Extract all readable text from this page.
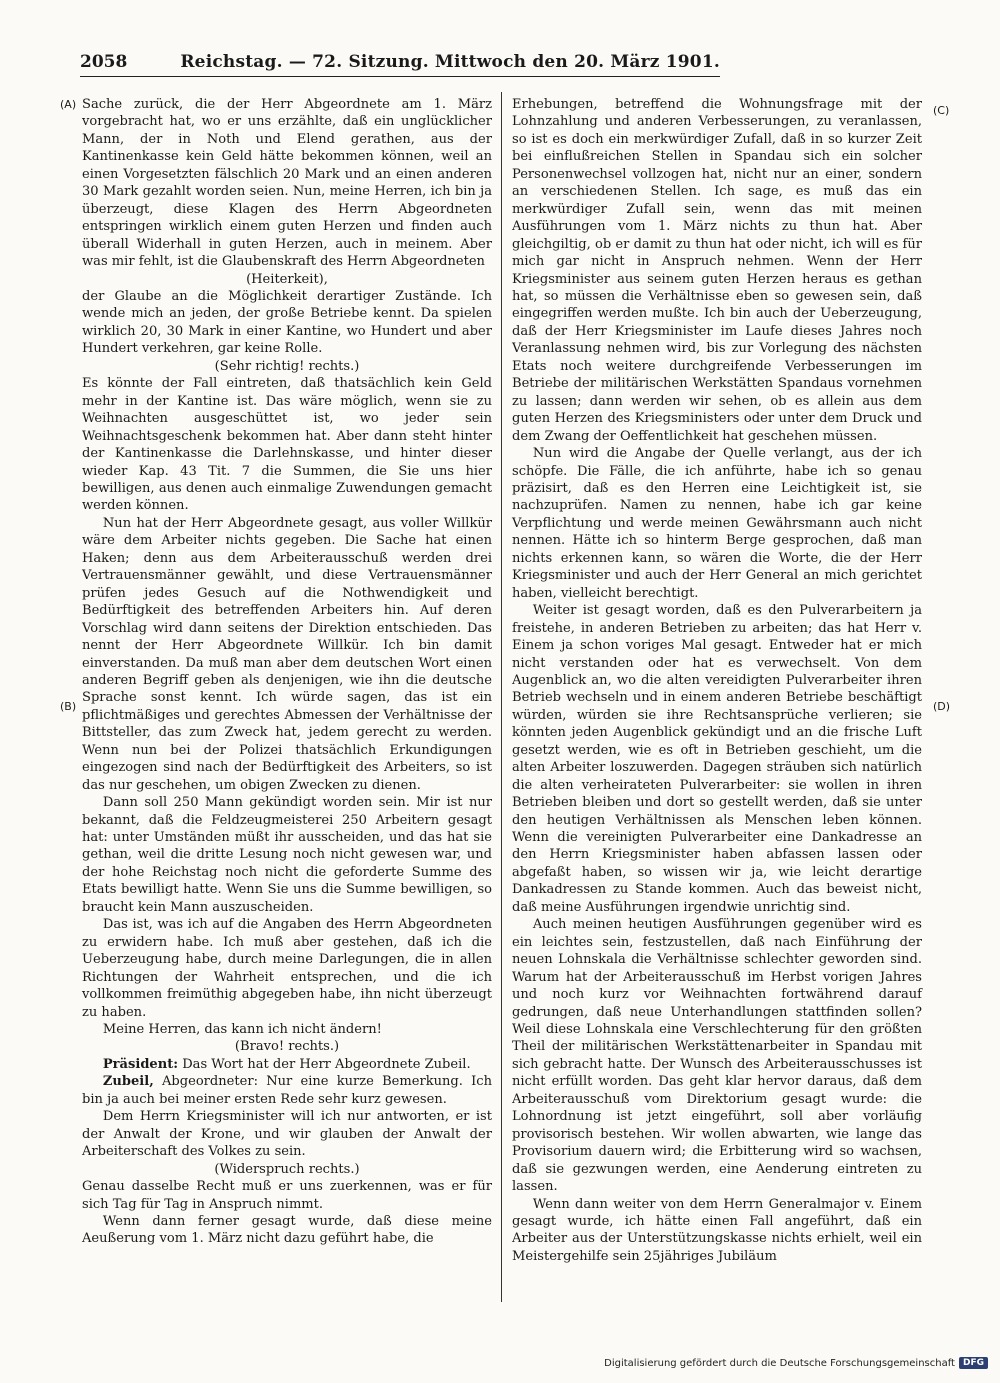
2058	Reichstag. — 72. Sitzung. Mittwoch den 20. März 1901.
(A)
(B)
(C)
(D)

Sache zurück, die der Herr Abgeordnete am 1. März vorgebracht hat, wo er uns erzählte, daß ein unglücklicher Mann, der in Noth und Elend gerathen, aus der Kantinenkasse kein Geld hätte bekommen können, weil an einen Vorgesetzten fälschlich 20 Mark und an einen anderen 30 Mark gezahlt worden seien. Nun, meine Herren, ich bin ja überzeugt, diese Klagen des Herrn Abgeordneten entspringen wirklich einem guten Herzen und finden auch überall Widerhall in guten Herzen, auch in meinem. Aber was mir fehlt, ist die Glaubenskraft des Herrn Abgeordneten

(Heiterkeit),

der Glaube an die Möglichkeit derartiger Zustände. Ich wende mich an jeden, der große Betriebe kennt. Da spielen wirklich 20, 30 Mark in einer Kantine, wo Hundert und aber Hundert verkehren, gar keine Rolle.

(Sehr richtig! rechts.)

Es könnte der Fall eintreten, daß thatsächlich kein Geld mehr in der Kantine ist. Das wäre möglich, wenn sie zu Weihnachten ausgeschüttet ist, wo jeder sein Weihnachtsgeschenk bekommen hat. Aber dann steht hinter der Kantinenkasse die Darlehnskasse, und hinter dieser wieder Kap. 43 Tit. 7 die Summen, die Sie uns hier bewilligen, aus denen auch einmalige Zuwendungen gemacht werden können.

Nun hat der Herr Abgeordnete gesagt, aus voller Willkür wäre dem Arbeiter nichts gegeben. Die Sache hat einen Haken; denn aus dem Arbeiterausschuß werden drei Vertrauensmänner gewählt, und diese Vertrauensmänner prüfen jedes Gesuch auf die Nothwendigkeit und Bedürftigkeit des betreffenden Arbeiters hin. Auf deren Vorschlag wird dann seitens der Direktion entschieden. Das nennt der Herr Abgeordnete Willkür. Ich bin damit einverstanden. Da muß man aber dem deutschen Wort einen anderen Begriff geben als denjenigen, wie ihn die deutsche Sprache sonst kennt. Ich würde sagen, das ist ein pflichtmäßiges und gerechtes Abmessen der Verhältnisse der Bittsteller, das zum Zweck hat, jedem gerecht zu werden. Wenn nun bei der Polizei thatsächlich Erkundigungen eingezogen sind nach der Bedürftigkeit des Arbeiters, so ist das nur geschehen, um obigen Zwecken zu dienen.

Dann soll 250 Mann gekündigt worden sein. Mir ist nur bekannt, daß die Feldzeugmeisterei 250 Arbeitern gesagt hat: unter Umständen müßt ihr ausscheiden, und das hat sie gethan, weil die dritte Lesung noch nicht gewesen war, und der hohe Reichstag noch nicht die geforderte Summe des Etats bewilligt hatte. Wenn Sie uns die Summe bewilligen, so braucht kein Mann auszuscheiden.

Das ist, was ich auf die Angaben des Herrn Abgeordneten zu erwidern habe. Ich muß aber gestehen, daß ich die Ueberzeugung habe, durch meine Darlegungen, die in allen Richtungen der Wahrheit entsprechen, und die ich vollkommen freimüthig abgegeben habe, ihn nicht überzeugt zu haben.

Meine Herren, das kann ich nicht ändern!

(Bravo! rechts.)

Präsident: Das Wort hat der Herr Abgeordnete Zubeil.

Zubeil, Abgeordneter: Nur eine kurze Bemerkung. Ich bin ja auch bei meiner ersten Rede sehr kurz gewesen.

Dem Herrn Kriegsminister will ich nur antworten, er ist der Anwalt der Krone, und wir glauben der Anwalt der Arbeiterschaft des Volkes zu sein.

(Widerspruch rechts.)

Genau dasselbe Recht muß er uns zuerkennen, was er für sich Tag für Tag in Anspruch nimmt.

Wenn dann ferner gesagt wurde, daß diese meine Aeußerung vom 1. März nicht dazu geführt habe, die

Erhebungen, betreffend die Wohnungsfrage mit der Lohnzahlung und anderen Verbesserungen, zu veranlassen, so ist es doch ein merkwürdiger Zufall, daß in so kurzer Zeit bei einflußreichen Stellen in Spandau sich ein solcher Personenwechsel vollzogen hat, nicht nur an einer, sondern an verschiedenen Stellen. Ich sage, es muß das ein merkwürdiger Zufall sein, wenn das mit meinen Ausführungen vom 1. März nichts zu thun hat. Aber gleichgiltig, ob er damit zu thun hat oder nicht, ich will es für mich gar nicht in Anspruch nehmen. Wenn der Herr Kriegsminister aus seinem guten Herzen heraus es gethan hat, so müssen die Verhältnisse eben so gewesen sein, daß eingegriffen werden mußte. Ich bin auch der Ueberzeugung, daß der Herr Kriegsminister im Laufe dieses Jahres noch Veranlassung nehmen wird, bis zur Vorlegung des nächsten Etats noch weitere durchgreifende Verbesserungen im Betriebe der militärischen Werkstätten Spandaus vornehmen zu lassen; dann werden wir sehen, ob es allein aus dem guten Herzen des Kriegsministers oder unter dem Druck und dem Zwang der Oeffentlichkeit hat geschehen müssen.

Nun wird die Angabe der Quelle verlangt, aus der ich schöpfe. Die Fälle, die ich anführte, habe ich so genau präzisirt, daß es den Herren eine Leichtigkeit ist, sie nachzuprüfen. Namen zu nennen, habe ich gar keine Verpflichtung und werde meinen Gewährsmann auch nicht nennen. Hätte ich so hinterm Berge gesprochen, daß man nichts erkennen kann, so wären die Worte, die der Herr Kriegsminister und auch der Herr General an mich gerichtet haben, vielleicht berechtigt.

Weiter ist gesagt worden, daß es den Pulverarbeitern ja freistehe, in anderen Betrieben zu arbeiten; das hat Herr v. Einem ja schon voriges Mal gesagt. Entweder hat er mich nicht verstanden oder hat es verwechselt. Von dem Augenblick an, wo die alten vereidigten Pulverarbeiter ihren Betrieb wechseln und in einem anderen Betriebe beschäftigt würden, würden sie ihre Rechtsansprüche verlieren; sie könnten jeden Augenblick gekündigt und an die frische Luft gesetzt werden, wie es oft in Betrieben geschieht, um die alten Arbeiter loszuwerden. Dagegen sträuben sich natürlich die alten verheirateten Pulverarbeiter: sie wollen in ihren Betrieben bleiben und dort so gestellt werden, daß sie unter den heutigen Verhältnissen als Menschen leben können. Wenn die vereinigten Pulverarbeiter eine Dankadresse an den Herrn Kriegsminister haben abfassen lassen oder abgefaßt haben, so wissen wir ja, wie leicht derartige Dankadressen zu Stande kommen. Auch das beweist nicht, daß meine Ausführungen irgendwie unrichtig sind.

Auch meinen heutigen Ausführungen gegenüber wird es ein leichtes sein, festzustellen, daß nach Einführung der neuen Lohnskala die Verhältnisse schlechter geworden sind. Warum hat der Arbeiterausschuß im Herbst vorigen Jahres und noch kurz vor Weihnachten fortwährend darauf gedrungen, daß neue Unterhandlungen stattfinden sollen? Weil diese Lohnskala eine Verschlechterung für den größten Theil der militärischen Werkstättenarbeiter in Spandau mit sich gebracht hatte. Der Wunsch des Arbeiterausschusses ist nicht erfüllt worden. Das geht klar hervor daraus, daß dem Arbeiterausschuß vom Direktorium gesagt wurde: die Lohnordnung ist jetzt eingeführt, soll aber vorläufig provisorisch bestehen. Wir wollen abwarten, wie lange das Provisorium dauern wird; die Erbitterung wird so wachsen, daß sie gezwungen werden, eine Aenderung eintreten zu lassen.

Wenn dann weiter von dem Herrn Generalmajor v. Einem gesagt wurde, ich hätte einen Fall angeführt, daß ein Arbeiter aus der Unterstützungskasse nichts erhielt, weil ein Meistergehilfe sein 25jähriges Jubiläum

Digitalisierung gefördert durch die Deutsche Forschungsgemeinschaft DFG
